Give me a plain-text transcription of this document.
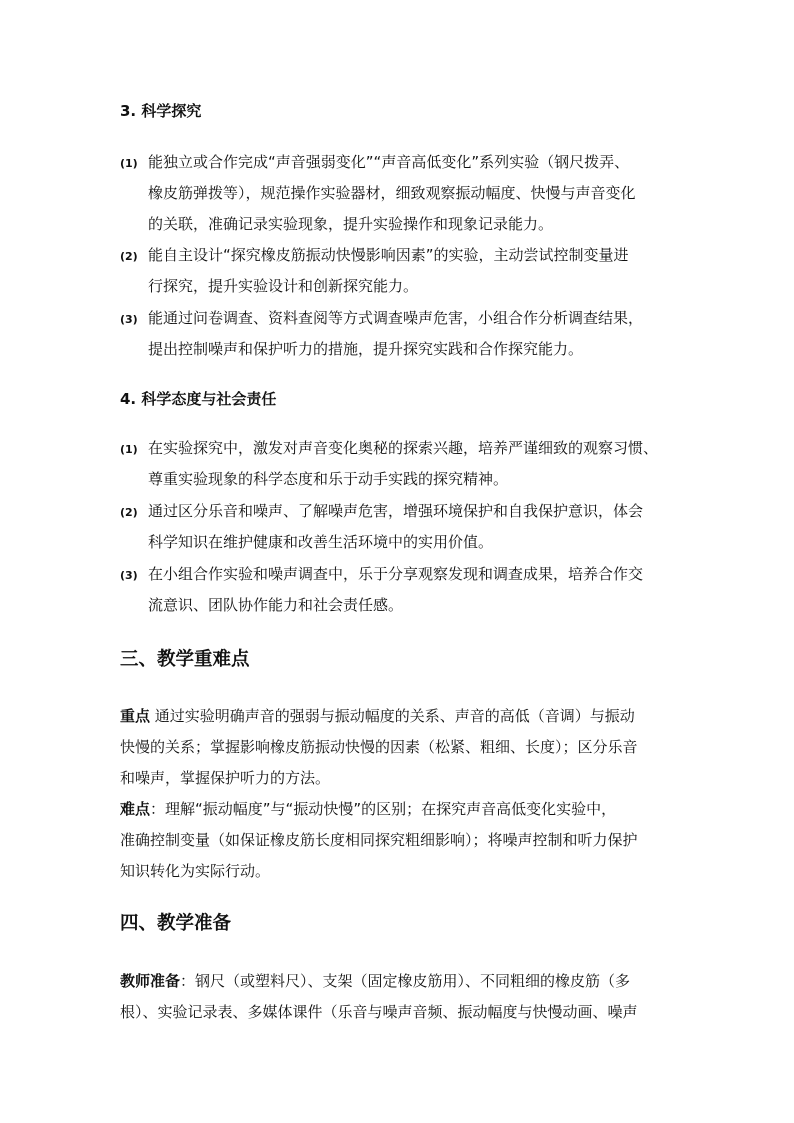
3. 科学探究
(1) 能独立或合作完成“声音强弱变化”“声音高低变化”系列实验（钢尺拨弄、
橡皮筋弹拨等），规范操作实验器材，细致观察振动幅度、快慢与声音变化
的关联，准确记录实验现象，提升实验操作和现象记录能力。
(2) 能自主设计“探究橡皮筋振动快慢影响因素”的实验，主动尝试控制变量进
行探究，提升实验设计和创新探究能力。
(3) 能通过问卷调查、资料查阅等方式调查噪声危害，小组合作分析调查结果，
提出控制噪声和保护听力的措施，提升探究实践和合作探究能力。
4. 科学态度与社会责任
(1) 在实验探究中，激发对声音变化奥秘的探索兴趣，培养严谨细致的观察习惯、
尊重实验现象的科学态度和乐于动手实践的探究精神。
(2) 通过区分乐音和噪声、了解噪声危害，增强环境保护和自我保护意识，体会
科学知识在维护健康和改善生活环境中的实用价值。
(3) 在小组合作实验和噪声调查中，乐于分享观察发现和调查成果，培养合作交
流意识、团队协作能力和社会责任感。
三、教学重难点
重点 通过实验明确声音的强弱与振动幅度的关系、声音的高低（音调）与振动
快慢的关系；掌握影响橡皮筋振动快慢的因素（松紧、粗细、长度）；区分乐音
和噪声，掌握保护听力的方法。
难点：理解“振动幅度”与“振动快慢”的区别；在探究声音高低变化实验中，
准确控制变量（如保证橡皮筋长度相同探究粗细影响）；将噪声控制和听力保护
知识转化为实际行动。
四、教学准备
教师准备：钢尺（或塑料尺）、支架（固定橡皮筋用）、不同粗细的橡皮筋（多
根）、实验记录表、多媒体课件（乐音与噪声音频、振动幅度与快慢动画、噪声
